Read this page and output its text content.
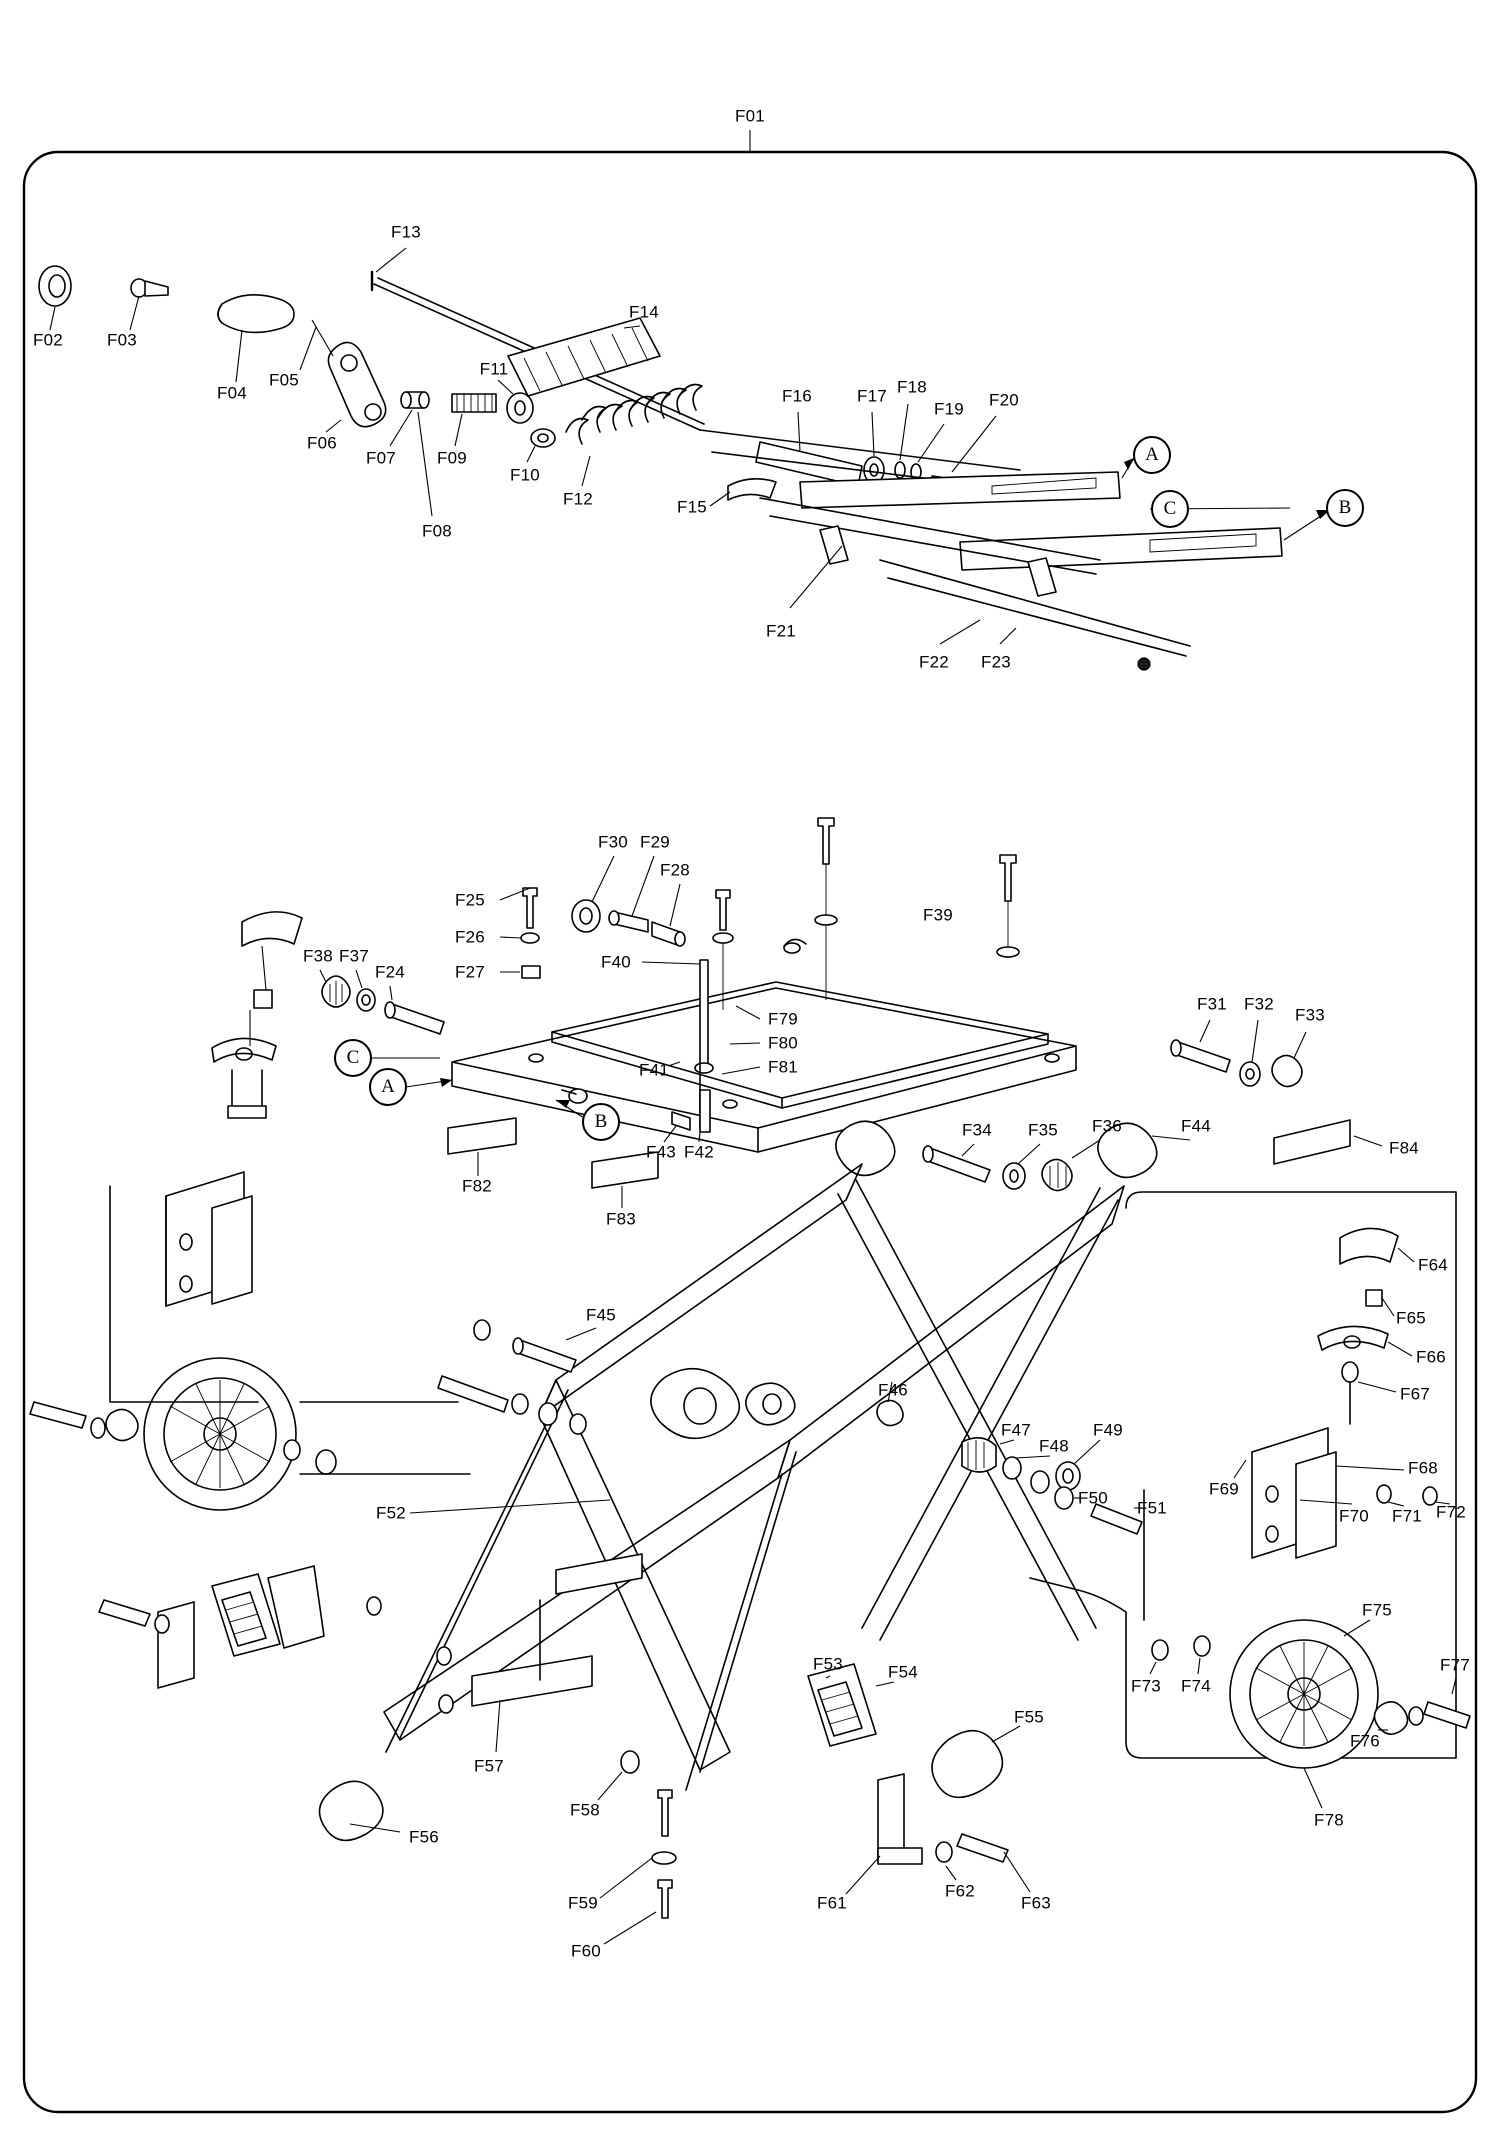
F01
F02	F03
F04
F05
F06
F07
F08
F09
F10
F11
F12
F13
F14
F15
F16	F17 F18
F19 F20
F21
F22 F23
F24
F25
F26
F27
F28
F29
F30
F31 F32
F33
F34 F35 F36
F37
F38
F39
F40
F41
F42
F43
F44
F45
F46
F47
F48
F49
F50
F51
F52
F53	F54
F55
F56
F57
F58
F59
F60
F61
F62
F63
F64
F65
F66
F67
F68
F69
F70 F71 F72
F73 F74
F75
F76
F77
F78
F79
F80
F81
F82
F83
F84
A
C	B
C
A
B
